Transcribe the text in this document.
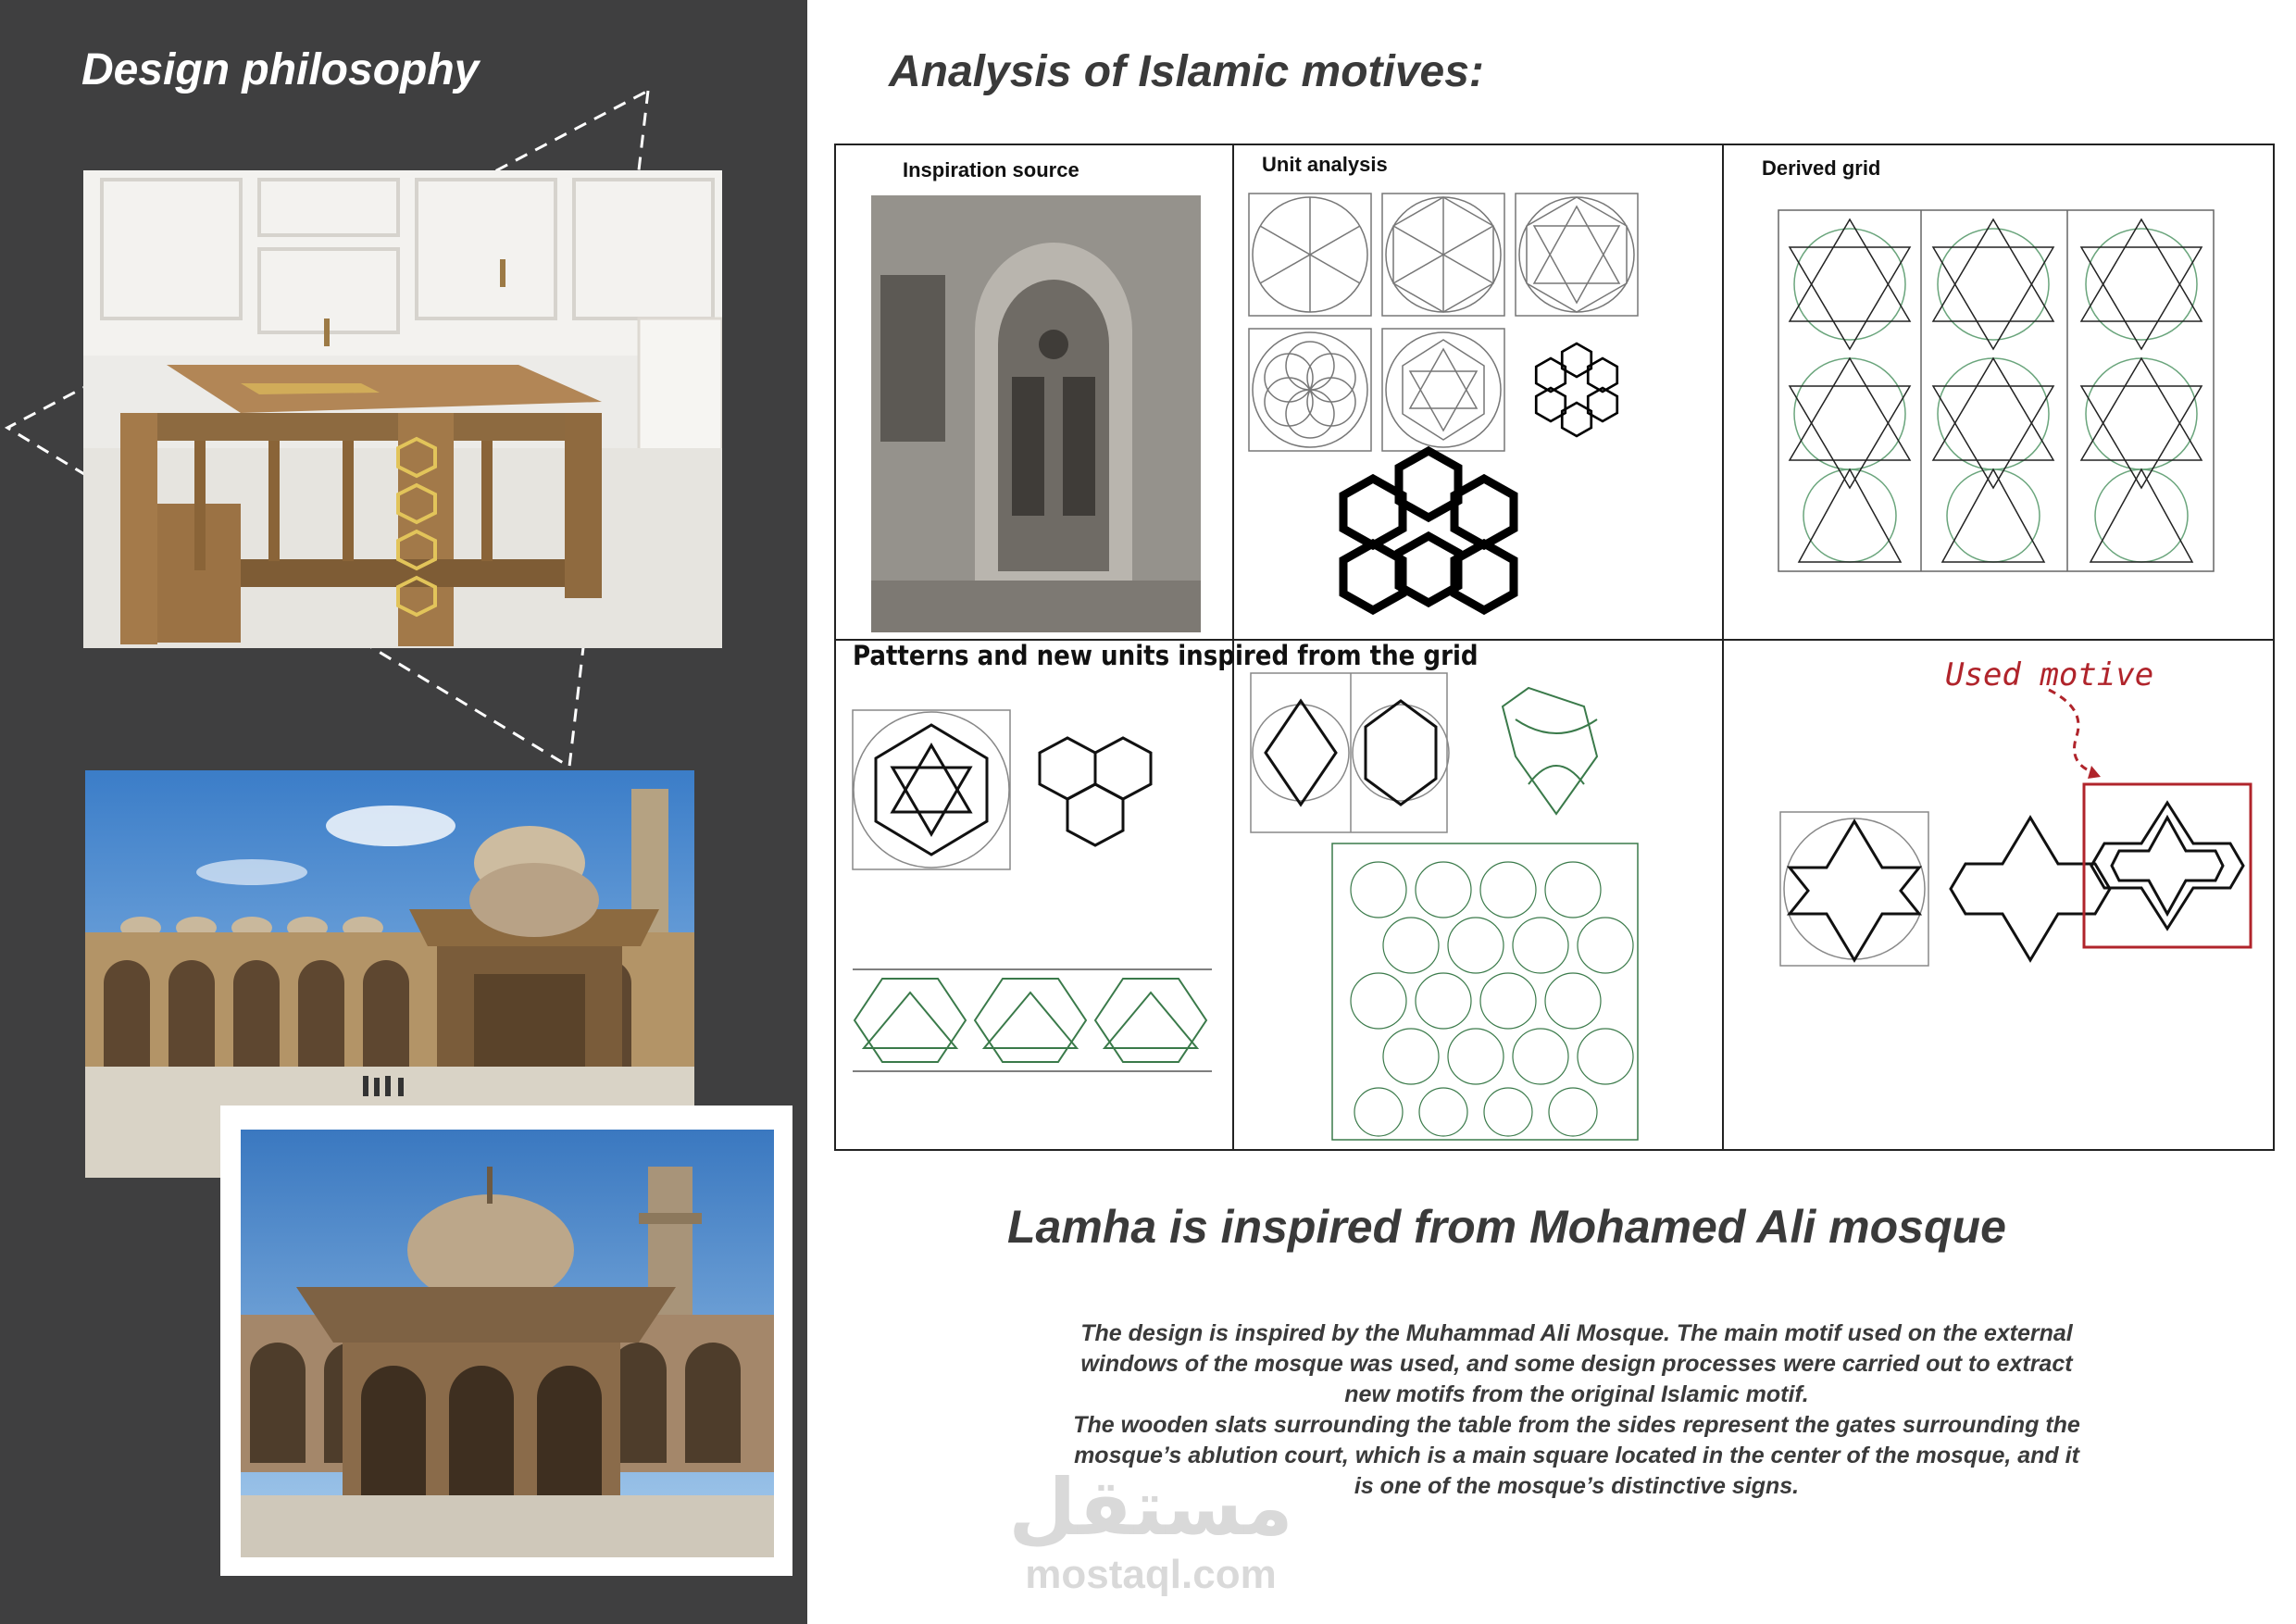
Design philosophy	Analysis of Islamic motives:
Inspiration source	Unit analysis	Derived grid
Patterns and new units inspired from the grid
Used motive
Lamha is inspired from Mohamed Ali mosque

The design is inspired by the Muhammad Ali Mosque. The main motif used on the external

windows of the mosque was used, and some design processes were carried out to extract

new motifs from the original Islamic motif.

The wooden slats surrounding the table from the sides represent the gates surrounding the

mosque’s ablution court, which is a main square located in the center of the mosque, and it

is one of the mosque’s distinctive signs.

مستقل
mostaql.com
